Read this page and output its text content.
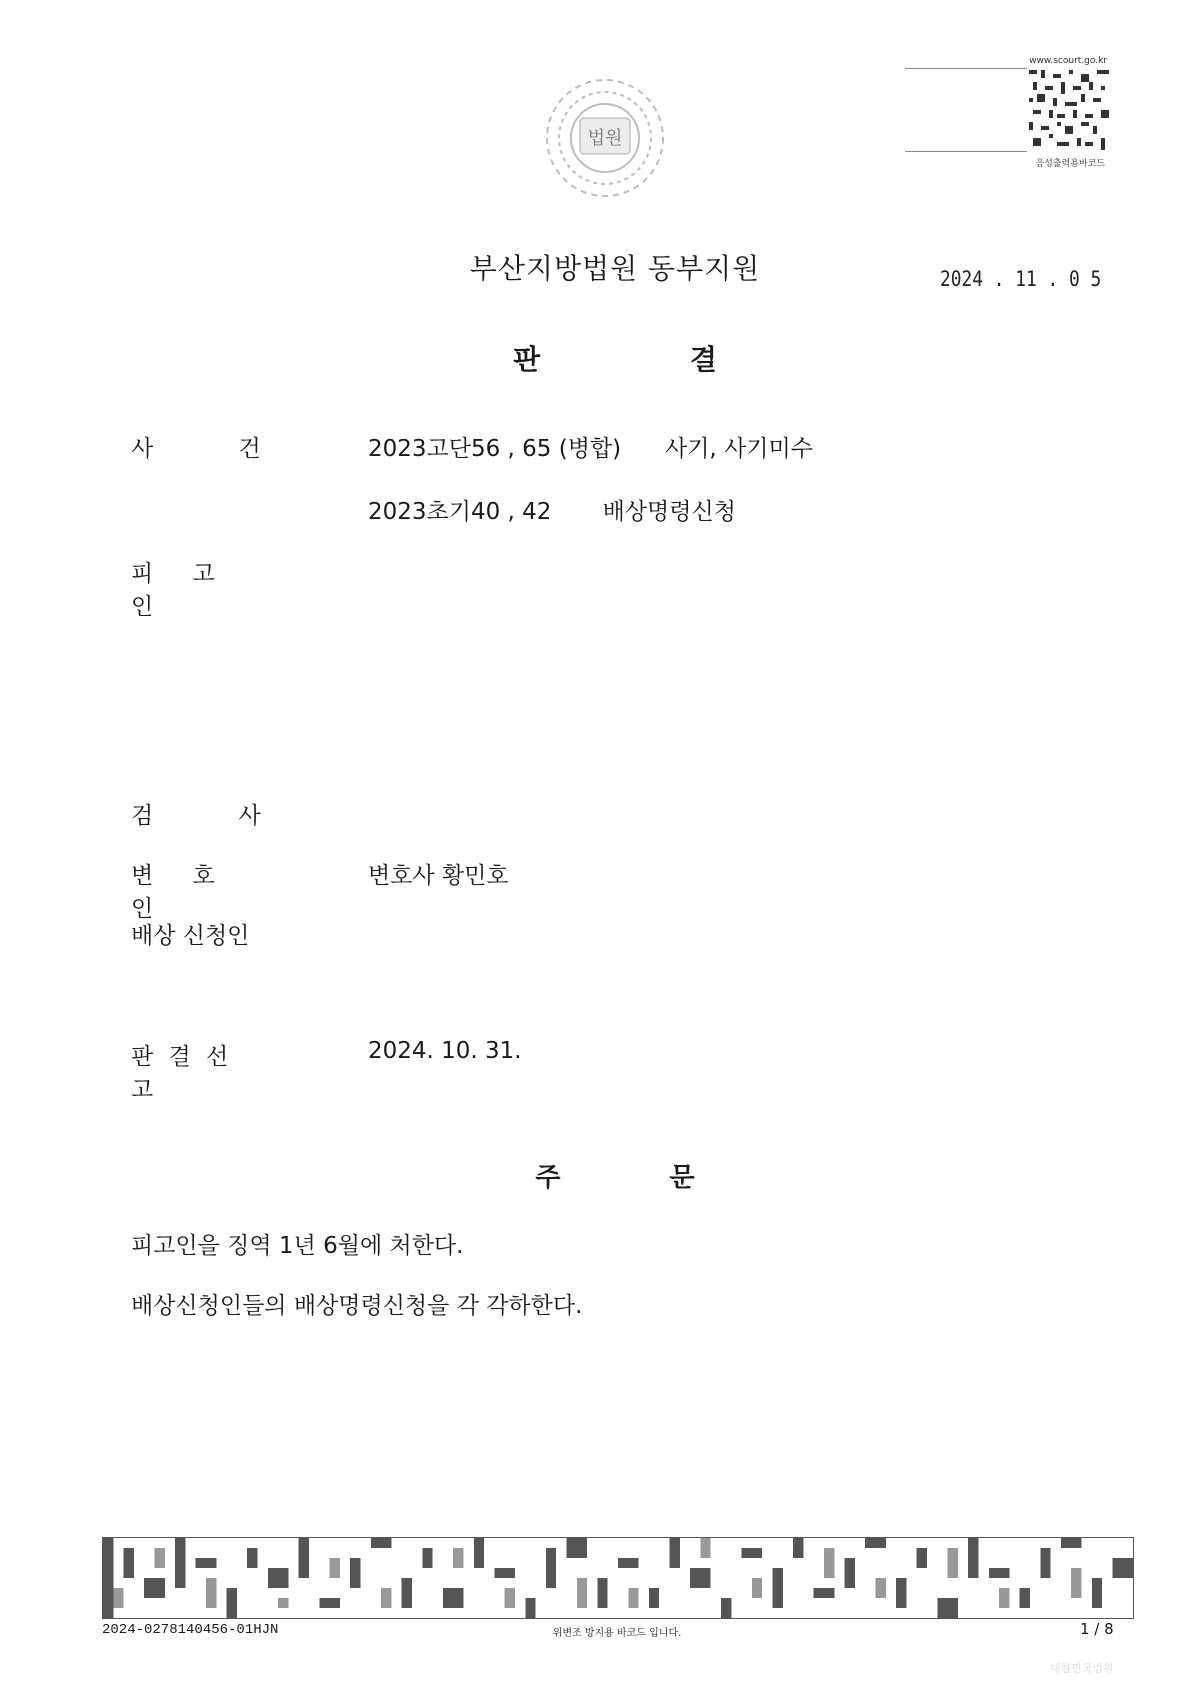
법원
www.scourt.go.kr
음성출력용바코드
부산지방법원 동부지원	2024 . 11 . 0 5
판 결
사 건	2023고단56 , 65 (병합)      사기, 사기미수
2023초기40 , 42       배상명령신청
피 고 인
검 사
변 호 인
변호사 황민호
배상 신청인
판 결 선 고
2024. 10. 31.
주 문
피고인을 징역 1년 6월에 처한다.
배상신청인들의 배상명령신청을 각 각하한다.
2024-0278140456-01HJN	위변조 방지용 바코드 입니다.	1 / 8
대한민국법원
